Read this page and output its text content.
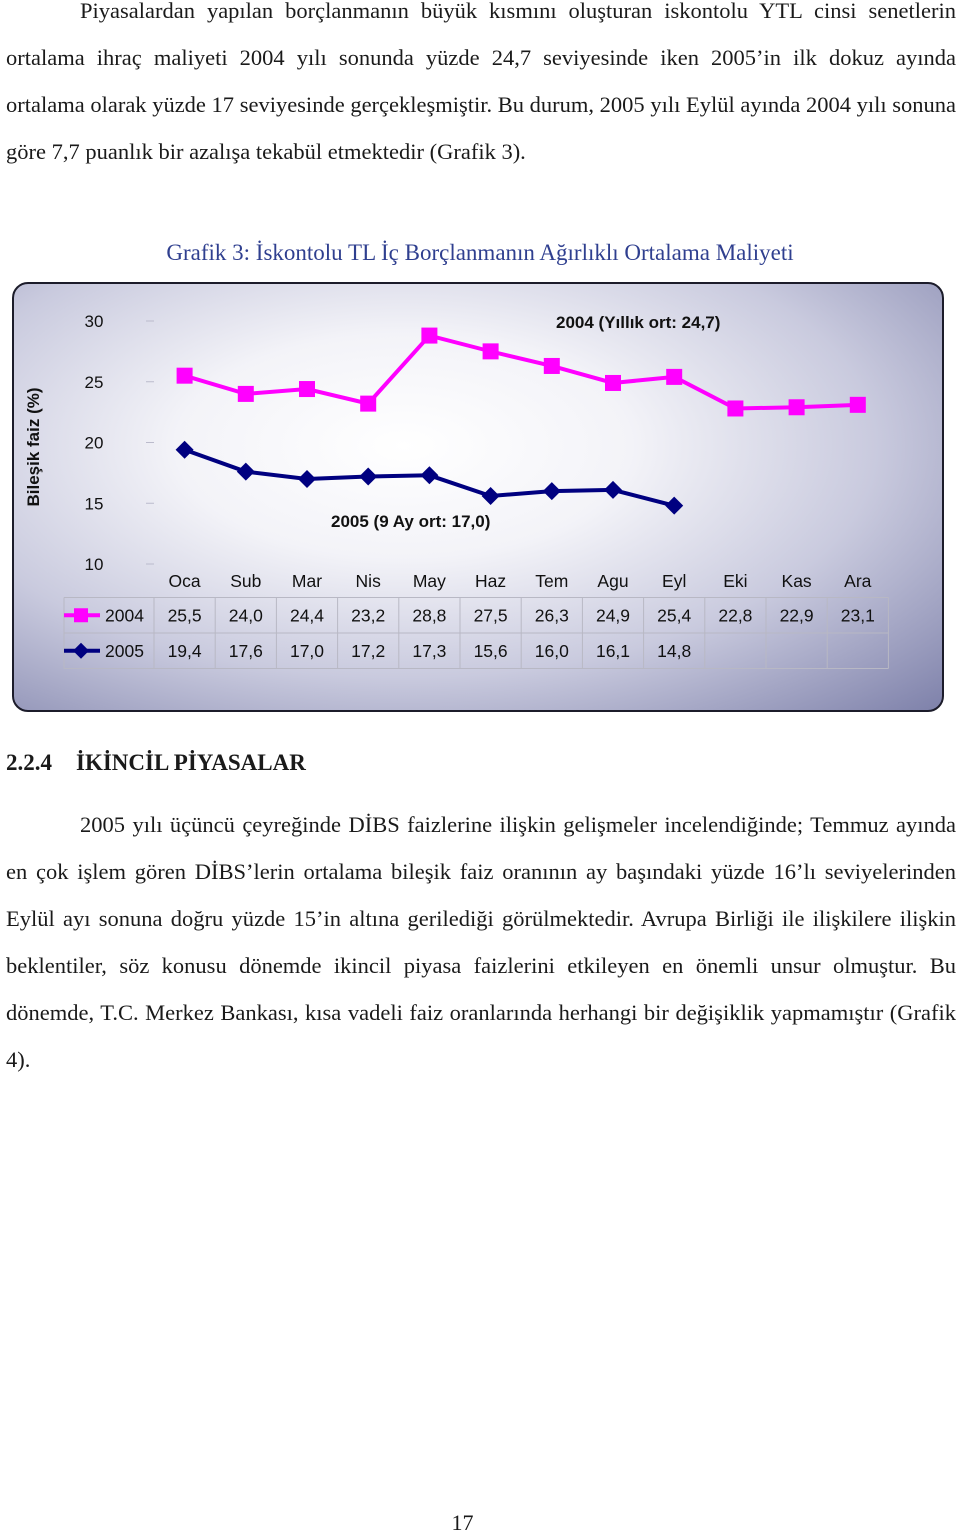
Piyasalardan yapılan borçlanmanın büyük kısmını oluşturan iskontolu YTL cinsi senetlerin ortalama ihraç maliyeti 2004 yılı sonunda yüzde 24,7 seviyesinde iken 2005’in ilk dokuz ayında ortalama olarak yüzde 17 seviyesinde gerçekleşmiştir. Bu durum, 2005 yılı Eylül ayında 2004 yılı sonuna göre 7,7 puanlık bir azalışa tekabül etmektedir (Grafik 3).

Grafik 3: İskontolu TL İç Borçlanmanın Ağırlıklı Ortalama Maliyeti
Bileşik faiz (%)
30
25
20
15
10
2004 (Yıllık ort: 24,7)
2005 (9 Ay ort: 17,0)
Oca Sub Mar Nis May Haz Tem Agu Eyl Eki Kas Ara
2004 25,5 24,0 24,4 23,2 28,8 27,5 26,3 24,9 25,4 22,8 22,9 23,1
2005 19,4 17,6 17,0 17,2 17,3 15,6 16,0 16,1 14,8
2.2.4 İKİNCİL PİYASALAR

2005 yılı üçüncü çeyreğinde DİBS faizlerine ilişkin gelişmeler incelendiğinde; Temmuz ayında en çok işlem gören DİBS’lerin ortalama bileşik faiz oranının ay başındaki yüzde 16’lı seviyelerinden Eylül ayı sonuna doğru yüzde 15’in altına gerilediği görülmektedir. Avrupa Birliği ile ilişkilere ilişkin beklentiler, söz konusu dönemde ikincil piyasa faizlerini etkileyen en önemli unsur olmuştur. Bu dönemde, T.C. Merkez Bankası, kısa vadeli faiz oranlarında herhangi bir değişiklik yapmamıştır (Grafik 4).

17
